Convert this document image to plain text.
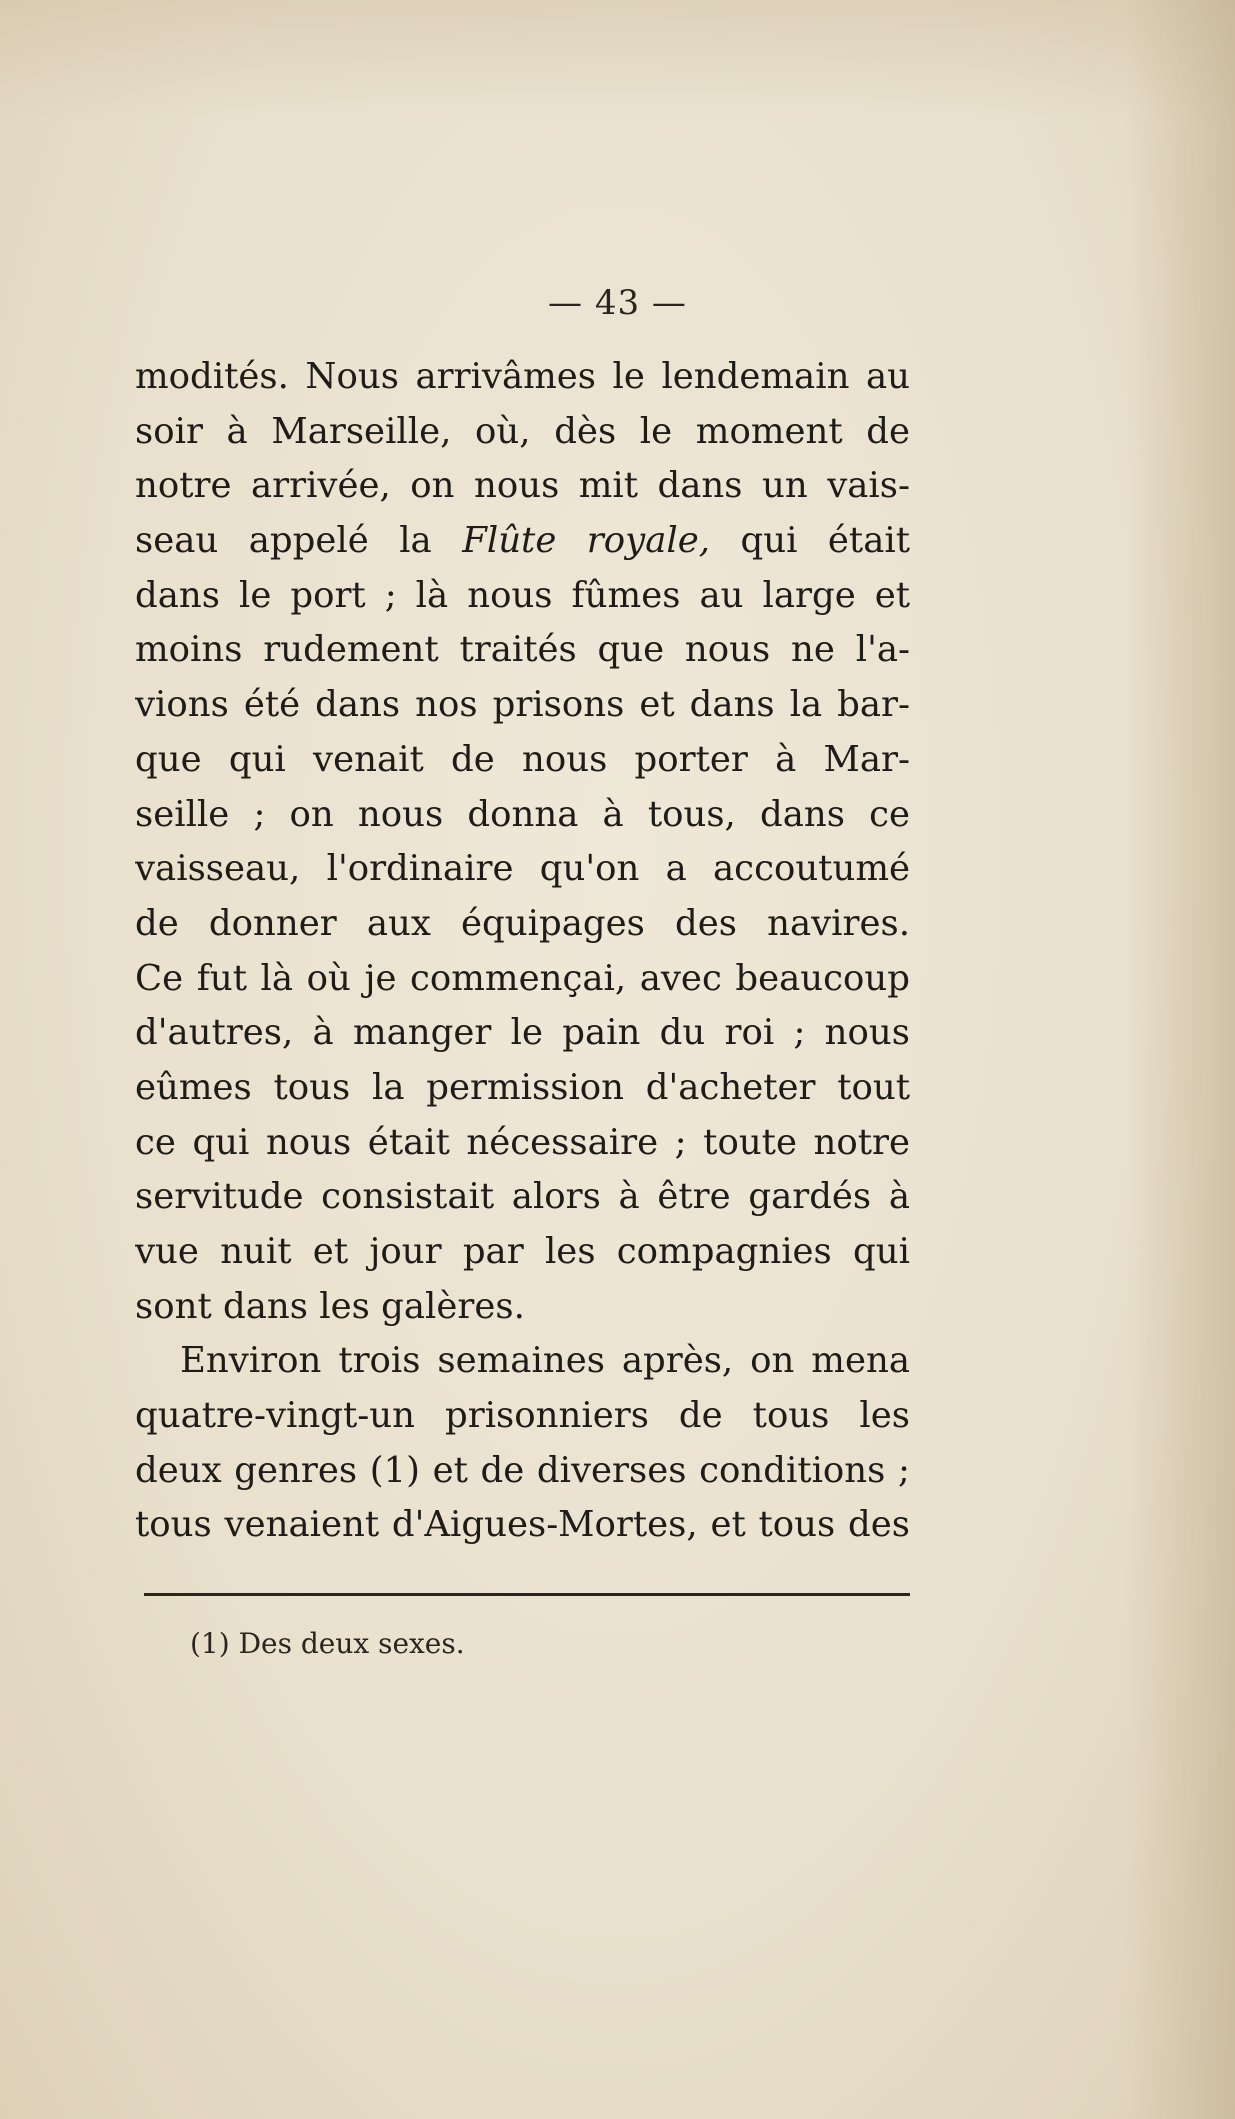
— 43 —
modités. Nous arrivâmes le lendemain au
soir à Marseille, où, dès le moment de
notre arrivée, on nous mit dans un vais-
seau appelé la Flûte royale, qui était
dans le port ; là nous fûmes au large et
moins rudement traités que nous ne l'a-
vions été dans nos prisons et dans la bar-
que qui venait de nous porter à Mar-
seille ; on nous donna à tous, dans ce
vaisseau, l'ordinaire qu'on a accoutumé
de donner aux équipages des navires.
Ce fut là où je commençai, avec beaucoup
d'autres, à manger le pain du roi ; nous
eûmes tous la permission d'acheter tout
ce qui nous était nécessaire ; toute notre
servitude consistait alors à être gardés à
vue nuit et jour par les compagnies qui
sont dans les galères.
Environ trois semaines après, on mena
quatre-vingt-un prisonniers de tous les
deux genres (1) et de diverses conditions ;
tous venaient d'Aigues-Mortes, et tous des
(1) Des deux sexes.
